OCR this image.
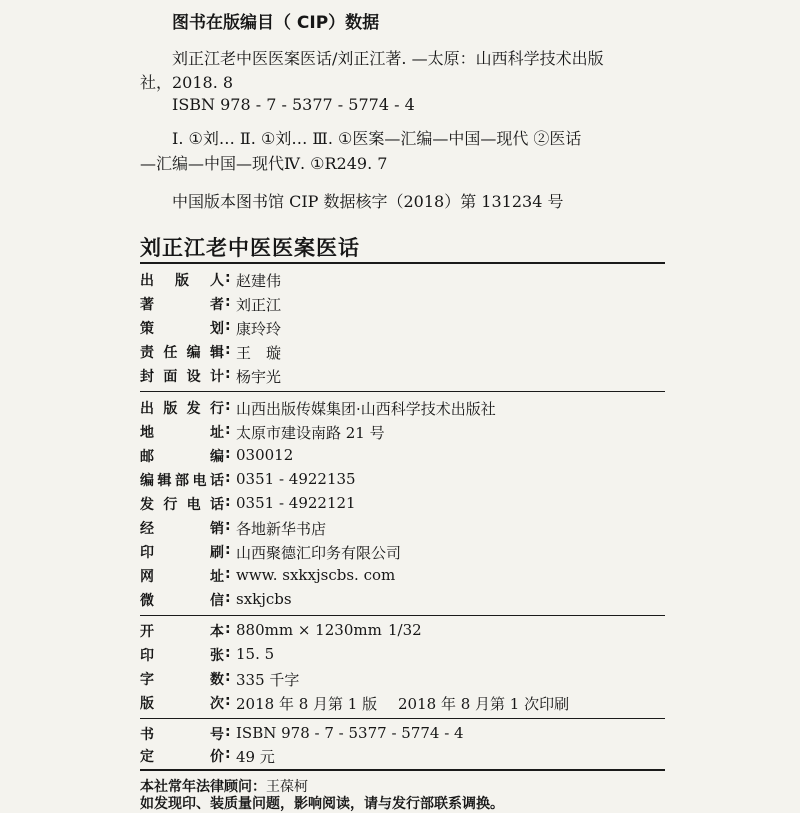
图书在版编目（ CIP）数据
刘正江老中医医案医话/刘正江著. —太原：山西科学技术出版
社，2018. 8
ISBN 978 - 7 - 5377 - 5774 - 4
Ⅰ. ①刘… Ⅱ. ①刘… Ⅲ. ①医案—汇编—中国—现代 ②医话
—汇编—中国—现代Ⅳ. ①R249. 7
中国版本图书馆 CIP 数据核字（2018）第 131234 号
刘正江老中医医案医话
出版人 : 赵建伟
著者 : 刘正江
策划 : 康玲玲
责任编辑 : 王　璇
封面设计 : 杨宇光
出版发行 : 山西出版传媒集团·山西科学技术出版社
地址 : 太原市建设南路 21 号
邮编 : 030012
编辑部电话 : 0351 - 4922135
发行电话 : 0351 - 4922121
经销 : 各地新华书店
印刷 : 山西聚德汇印务有限公司
网址 : www. sxkxjscbs. com
微信 : sxkjcbs
开本 : 880mm × 1230mm 1/32
印张 : 15. 5
字数 : 335 千字
版次 : 2018 年 8 月第 1 版 2018 年 8 月第 1 次印刷
书号 : ISBN 978 - 7 - 5377 - 5774 - 4
定价 : 49 元
本社常年法律顾问：王葆柯
如发现印、装质量问题，影响阅读，请与发行部联系调换。
